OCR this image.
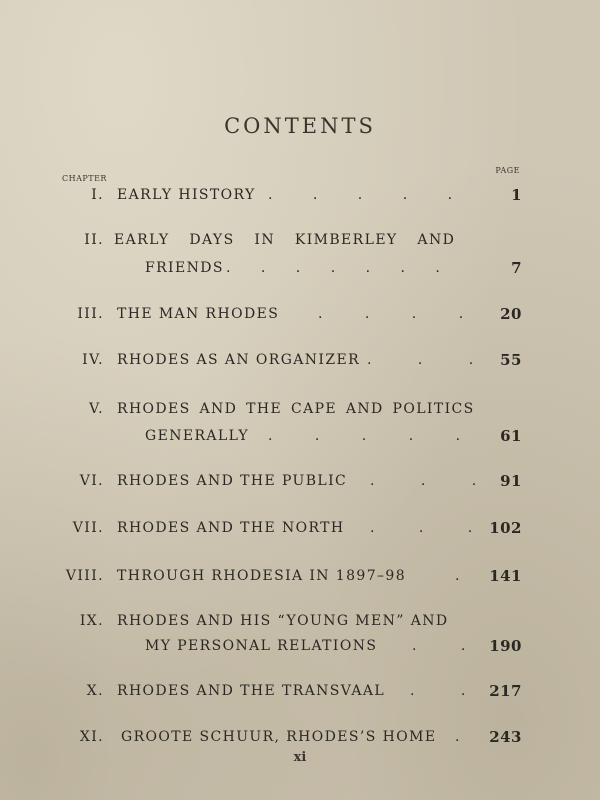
CONTENTS
CHAPTER
PAGE
I. EARLY HISTORY . . . . .	1
II. EARLY DAYS IN KIMBERLEY AND
FRIENDS . . . . . . .	7
III. THE MAN RHODES	. . . . 20
IV. RHODES AS AN ORGANIZER . . . 55
V. RHODES AND THE CAPE AND POLITICS
GENERALLY . . . . .	61
VI. RHODES AND THE PUBLIC . . . 91
VII. RHODES AND THE NORTH . . . 102
VIII. THROUGH RHODESIA IN 1897–98	. 141
IX. RHODES AND HIS “YOUNG MEN” AND
MY PERSONAL RELATIONS . . 190
X. RHODES AND THE TRANSVAAL . . 217
XI. GROOTE SCHUUR, RHODES’S HOME . 243
xi
